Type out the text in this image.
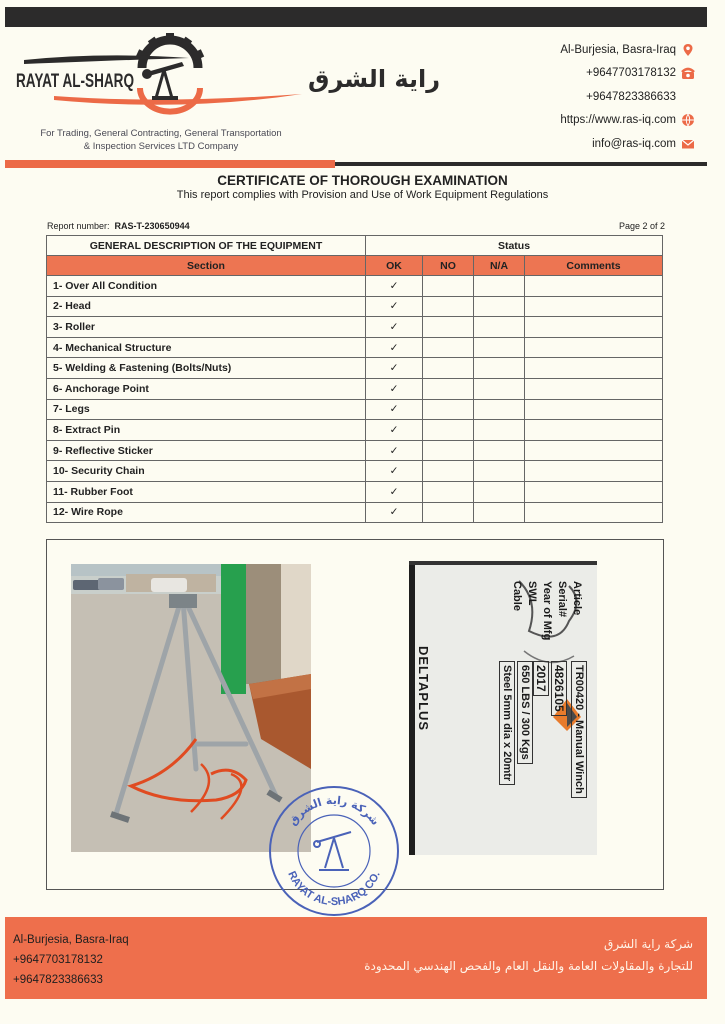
RAYAT AL-SHARQ	راية الشرق
For Trading, General Contracting, General Transportation
& Inspection Services LTD Company
Al-Burjesia, Basra-Iraq
+9647703178132
+9647823386633
https://www.ras-iq.com
info@ras-iq.com
CERTIFICATE OF THOROUGH EXAMINATION
This report complies with Provision and Use of Work Equipment Regulations
Report number: RAS-T-230650944	Page 2 of 2
GENERAL DESCRIPTION OF THE EQUIPMENT	Status			
Section	OK	NO	N/A	Comments
1- Over All Condition	✓			
2- Head	✓			
3- Roller	✓			
4- Mechanical Structure	✓			
5- Welding & Fastening (Bolts/Nuts)	✓			
6- Anchorage Point	✓			
7- Legs	✓			
8- Extract Pin	✓			
9- Reflective Sticker	✓			
10- Security Chain	✓			
11- Rubber Foot	✓			
12- Wire Rope	✓			
Article
Serial#
Year of Mfg
SWL
Cable
TR00420 - Manual Winch
4826105
2017
650 LBS / 300 Kgs
Steel 5mm dia x 20mtr
DELTAPLUS
شركة راية الشرق
RAYAT AL-SHARQ CO.
Al-Burjesia, Basra-Iraq
+9647703178132
+9647823386633
شركة راية الشرق
للتجارة والمقاولات العامة والنقل العام والفحص الهندسي المحدودة
